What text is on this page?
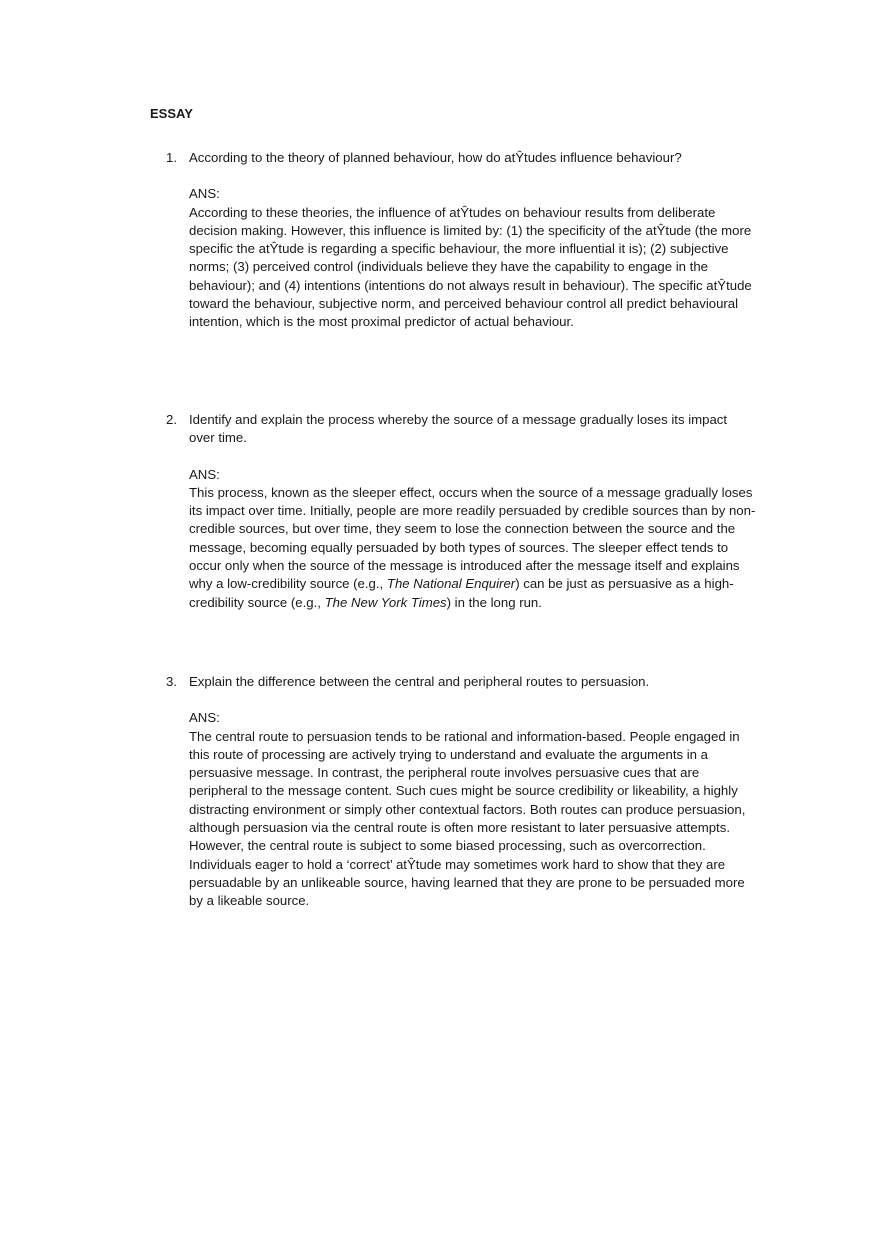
ESSAY
1. According to the theory of planned behaviour, how do atŶtudes influence behaviour?
ANS:
According to these theories, the influence of atŶtudes on behaviour results from deliberate decision making. However, this influence is limited by: (1) the specificity of the atŶtude (the more specific the atŶtude is regarding a specific behaviour, the more influential it is); (2) subjective norms; (3) perceived control (individuals believe they have the capability to engage in the behaviour); and (4) intentions (intentions do not always result in behaviour). The specific atŶtude toward the behaviour, subjective norm, and perceived behaviour control all predict behavioural intention, which is the most proximal predictor of actual behaviour.
2. Identify and explain the process whereby the source of a message gradually loses its impact over time.
ANS:
This process, known as the sleeper effect, occurs when the source of a message gradually loses its impact over time. Initially, people are more readily persuaded by credible sources than by non-credible sources, but over time, they seem to lose the connection between the source and the message, becoming equally persuaded by both types of sources. The sleeper effect tends to occur only when the source of the message is introduced after the message itself and explains why a low-credibility source (e.g., The National Enquirer) can be just as persuasive as a high-credibility source (e.g., The New York Times) in the long run.
3. Explain the difference between the central and peripheral routes to persuasion.
ANS:
The central route to persuasion tends to be rational and information-based. People engaged in this route of processing are actively trying to understand and evaluate the arguments in a persuasive message. In contrast, the peripheral route involves persuasive cues that are peripheral to the message content. Such cues might be source credibility or likeability, a highly distracting environment or simply other contextual factors. Both routes can produce persuasion, although persuasion via the central route is often more resistant to later persuasive attempts. However, the central route is subject to some biased processing, such as overcorrection. Individuals eager to hold a ‘correct’ atŶtude may sometimes work hard to show that they are persuadable by an unlikeable source, having learned that they are prone to be persuaded more by a likeable source.
